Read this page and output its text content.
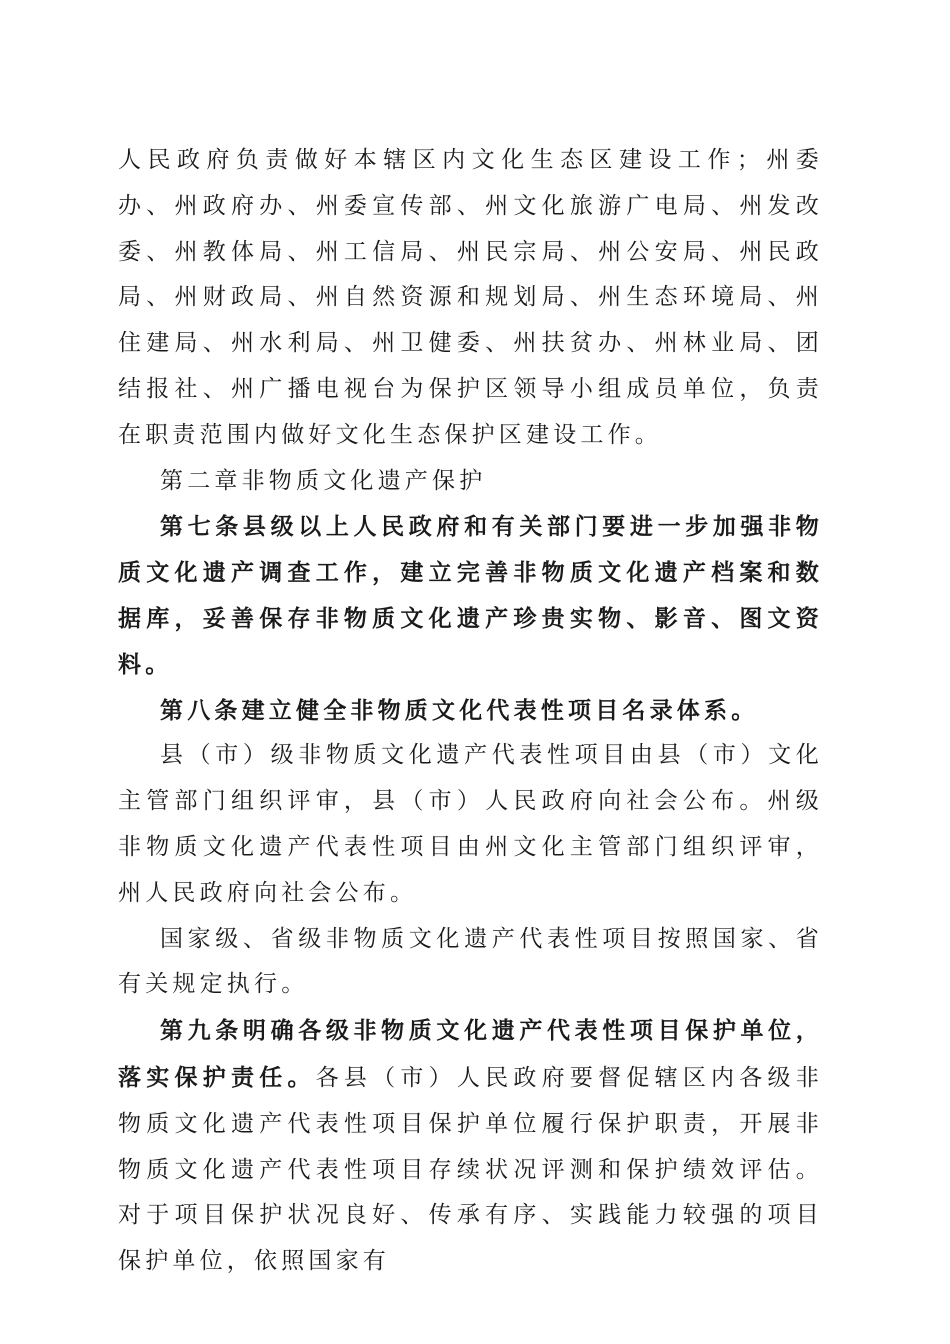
人民政府负责做好本辖区内文化生态区建设工作；州委办、州政府办、州委宣传部、州文化旅游广电局、州发改委、州教体局、州工信局、州民宗局、州公安局、州民政局、州财政局、州自然资源和规划局、州生态环境局、州住建局、州水利局、州卫健委、州扶贫办、州林业局、团结报社、州广播电视台为保护区领导小组成员单位，负责在职责范围内做好文化生态保护区建设工作。

第二章非物质文化遗产保护

第七条县级以上人民政府和有关部门要进一步加强非物质文化遗产调查工作，建立完善非物质文化遗产档案和数据库，妥善保存非物质文化遗产珍贵实物、影音、图文资料。

第八条建立健全非物质文化代表性项目名录体系。

县（市）级非物质文化遗产代表性项目由县（市）文化主管部门组织评审，县（市）人民政府向社会公布。州级非物质文化遗产代表性项目由州文化主管部门组织评审，州人民政府向社会公布。

国家级、省级非物质文化遗产代表性项目按照国家、省有关规定执行。

第九条明确各级非物质文化遗产代表性项目保护单位，落实保护责任。各县（市）人民政府要督促辖区内各级非物质文化遗产代表性项目保护单位履行保护职责，开展非物质文化遗产代表性项目存续状况评测和保护绩效评估。对于项目保护状况良好、传承有序、实践能力较强的项目保护单位，依照国家有
